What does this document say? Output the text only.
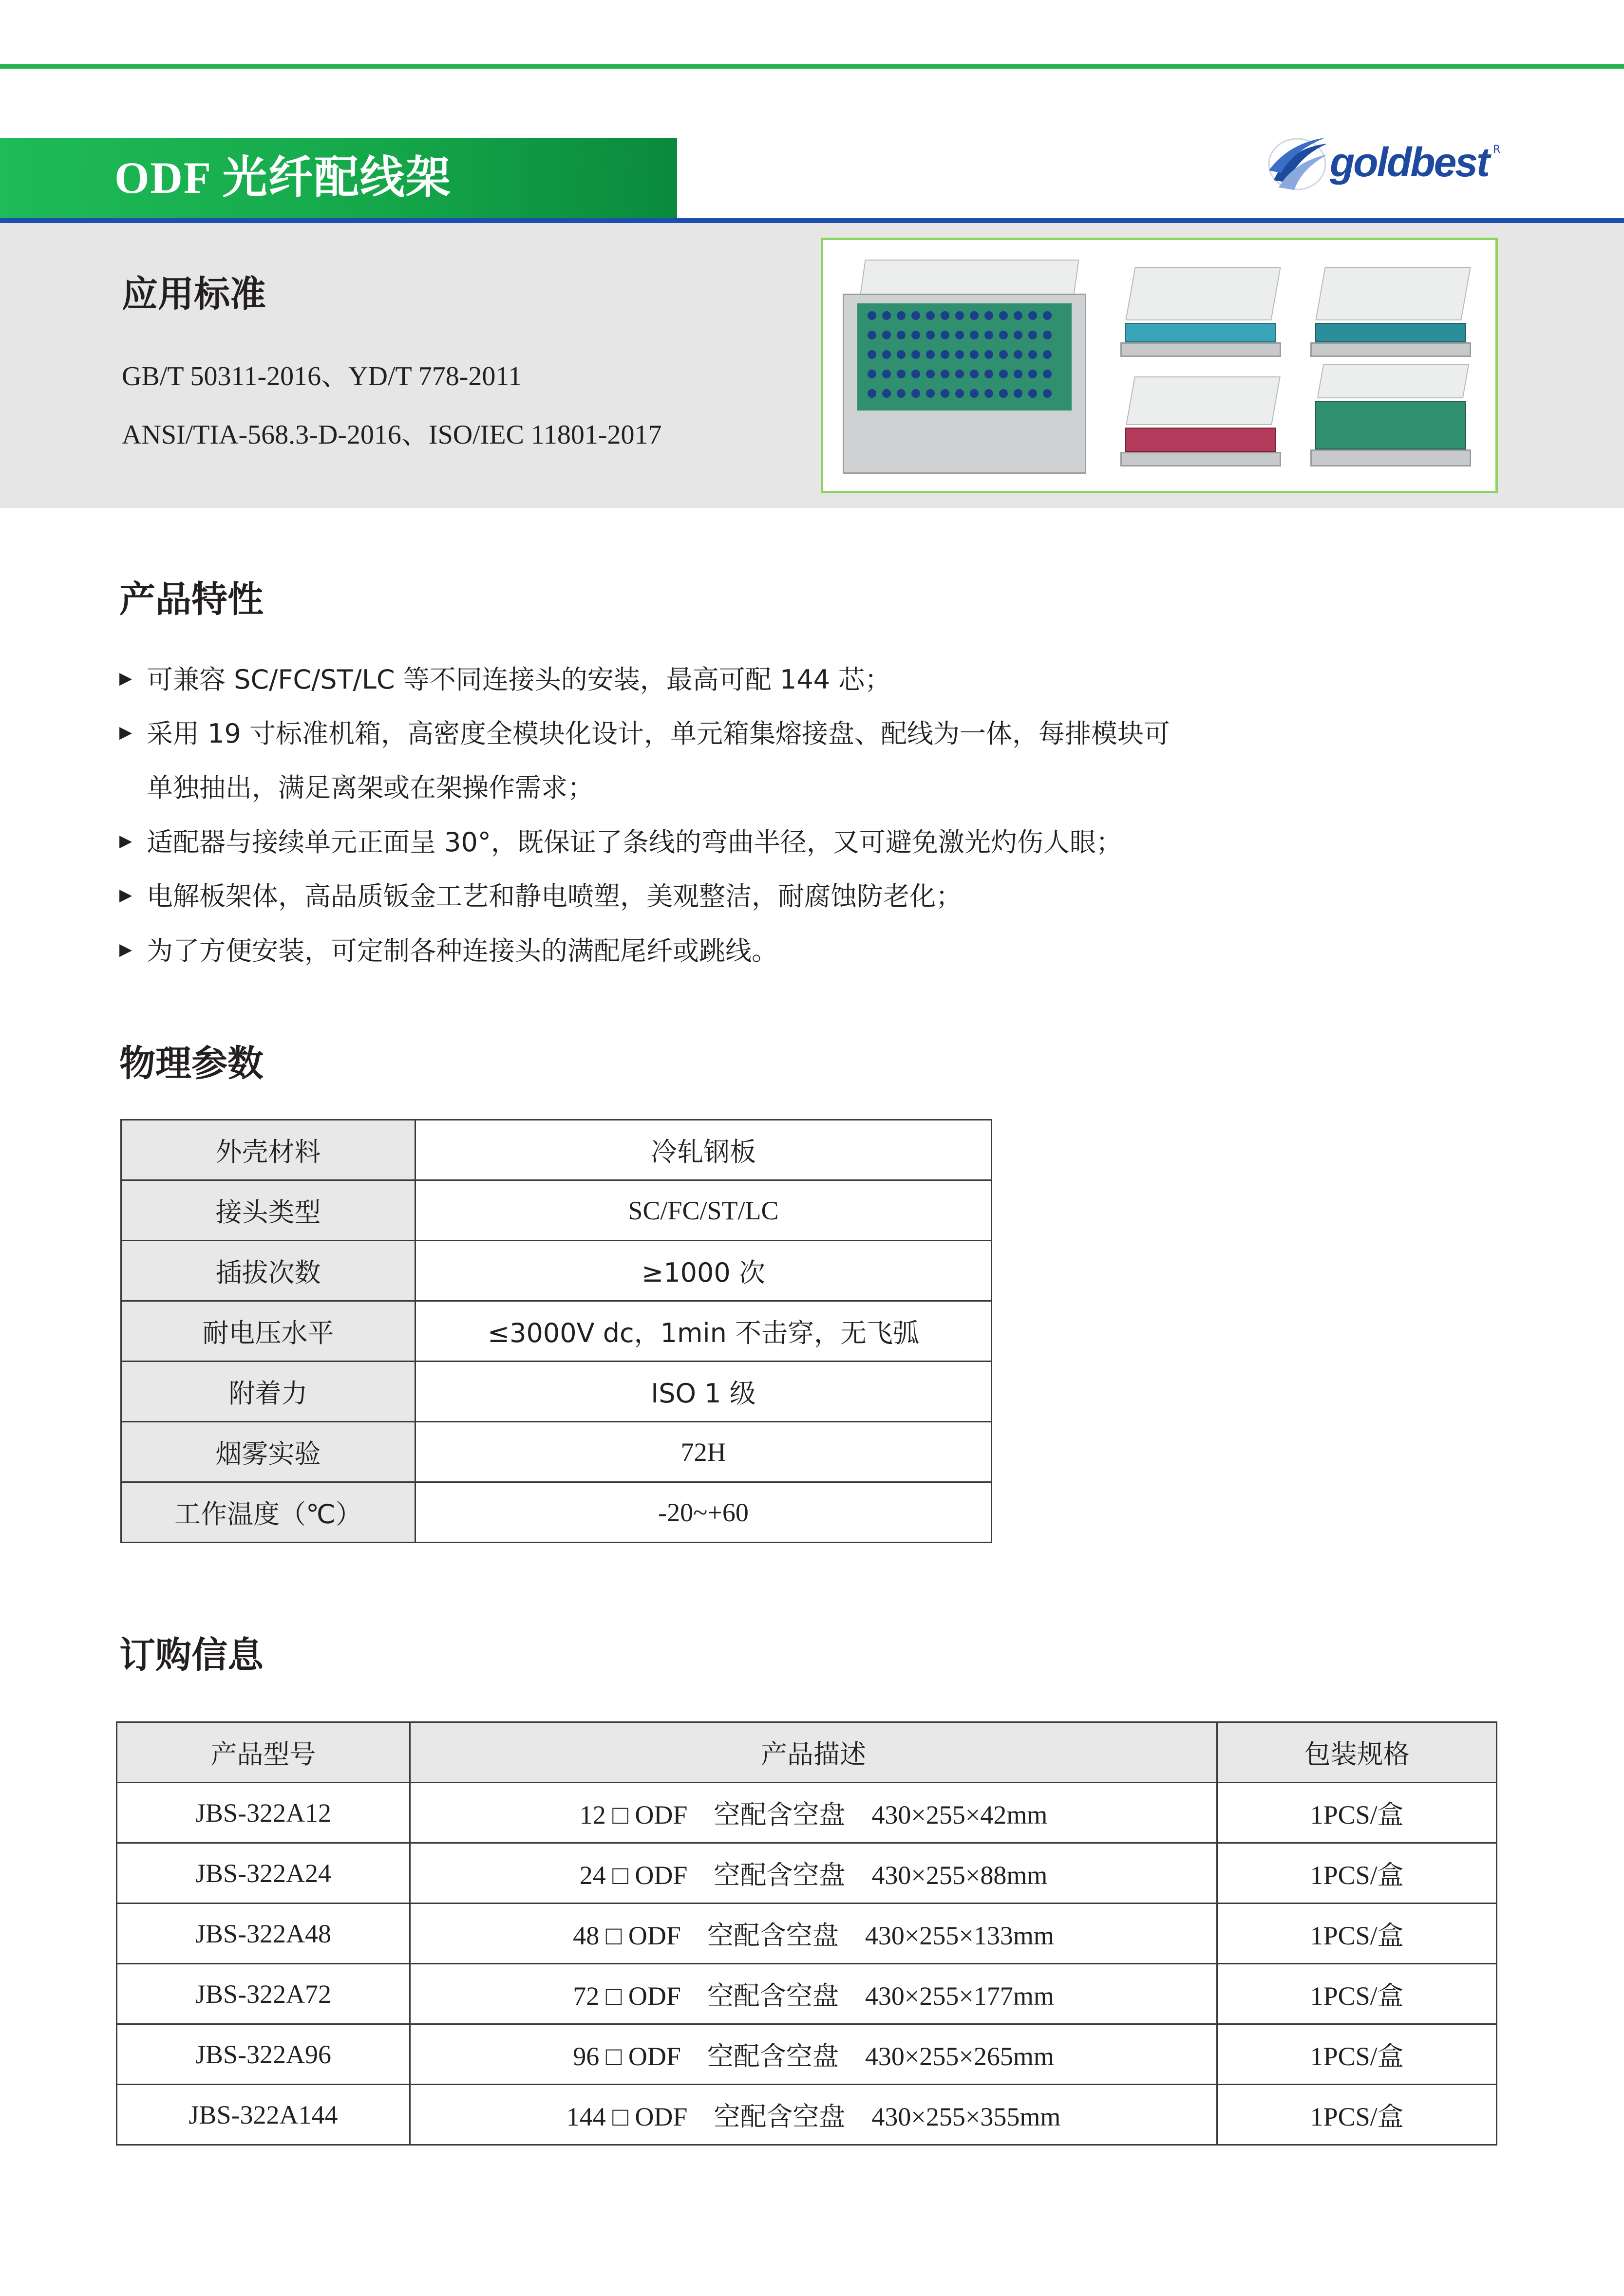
ODF 光纤配线架	goldbest R
应用标准
GB/T 50311-2016、YD/T 778-2011
ANSI/TIA-568.3-D-2016、ISO/IEC 11801-2017
产品特性
▶ 可兼容 SC/FC/ST/LC 等不同连接头的安装，最高可配 144 芯；
▶ 采用 19 寸标准机箱，高密度全模块化设计，单元箱集熔接盘、配线为一体，每排模块可
单独抽出，满足离架或在架操作需求；
▶ 适配器与接续单元正面呈 30°，既保证了条线的弯曲半径，又可避免激光灼伤人眼；
▶ 电解板架体，高品质钣金工艺和静电喷塑，美观整洁，耐腐蚀防老化；
▶ 为了方便安装，可定制各种连接头的满配尾纤或跳线。
物理参数
外壳材料	冷轧钢板
接头类型	SC/FC/ST/LC
插拔次数	≥1000 次
耐电压水平	≤3000V dc，1min 不击穿，无飞弧
附着力	ISO 1 级
烟雾实验	72H
工作温度（℃）	-20~+60
订购信息
产品型号	产品描述	包装规格
JBS-322A12	12 □ ODF　空配含空盘　430×255×42mm	1PCS/盒
JBS-322A24	24 □ ODF　空配含空盘　430×255×88mm	1PCS/盒
JBS-322A48	48 □ ODF　空配含空盘　430×255×133mm	1PCS/盒
JBS-322A72	72 □ ODF　空配含空盘　430×255×177mm	1PCS/盒
JBS-322A96	96 □ ODF　空配含空盘　430×255×265mm	1PCS/盒
JBS-322A144	144 □ ODF　空配含空盘　430×255×355mm	1PCS/盒
